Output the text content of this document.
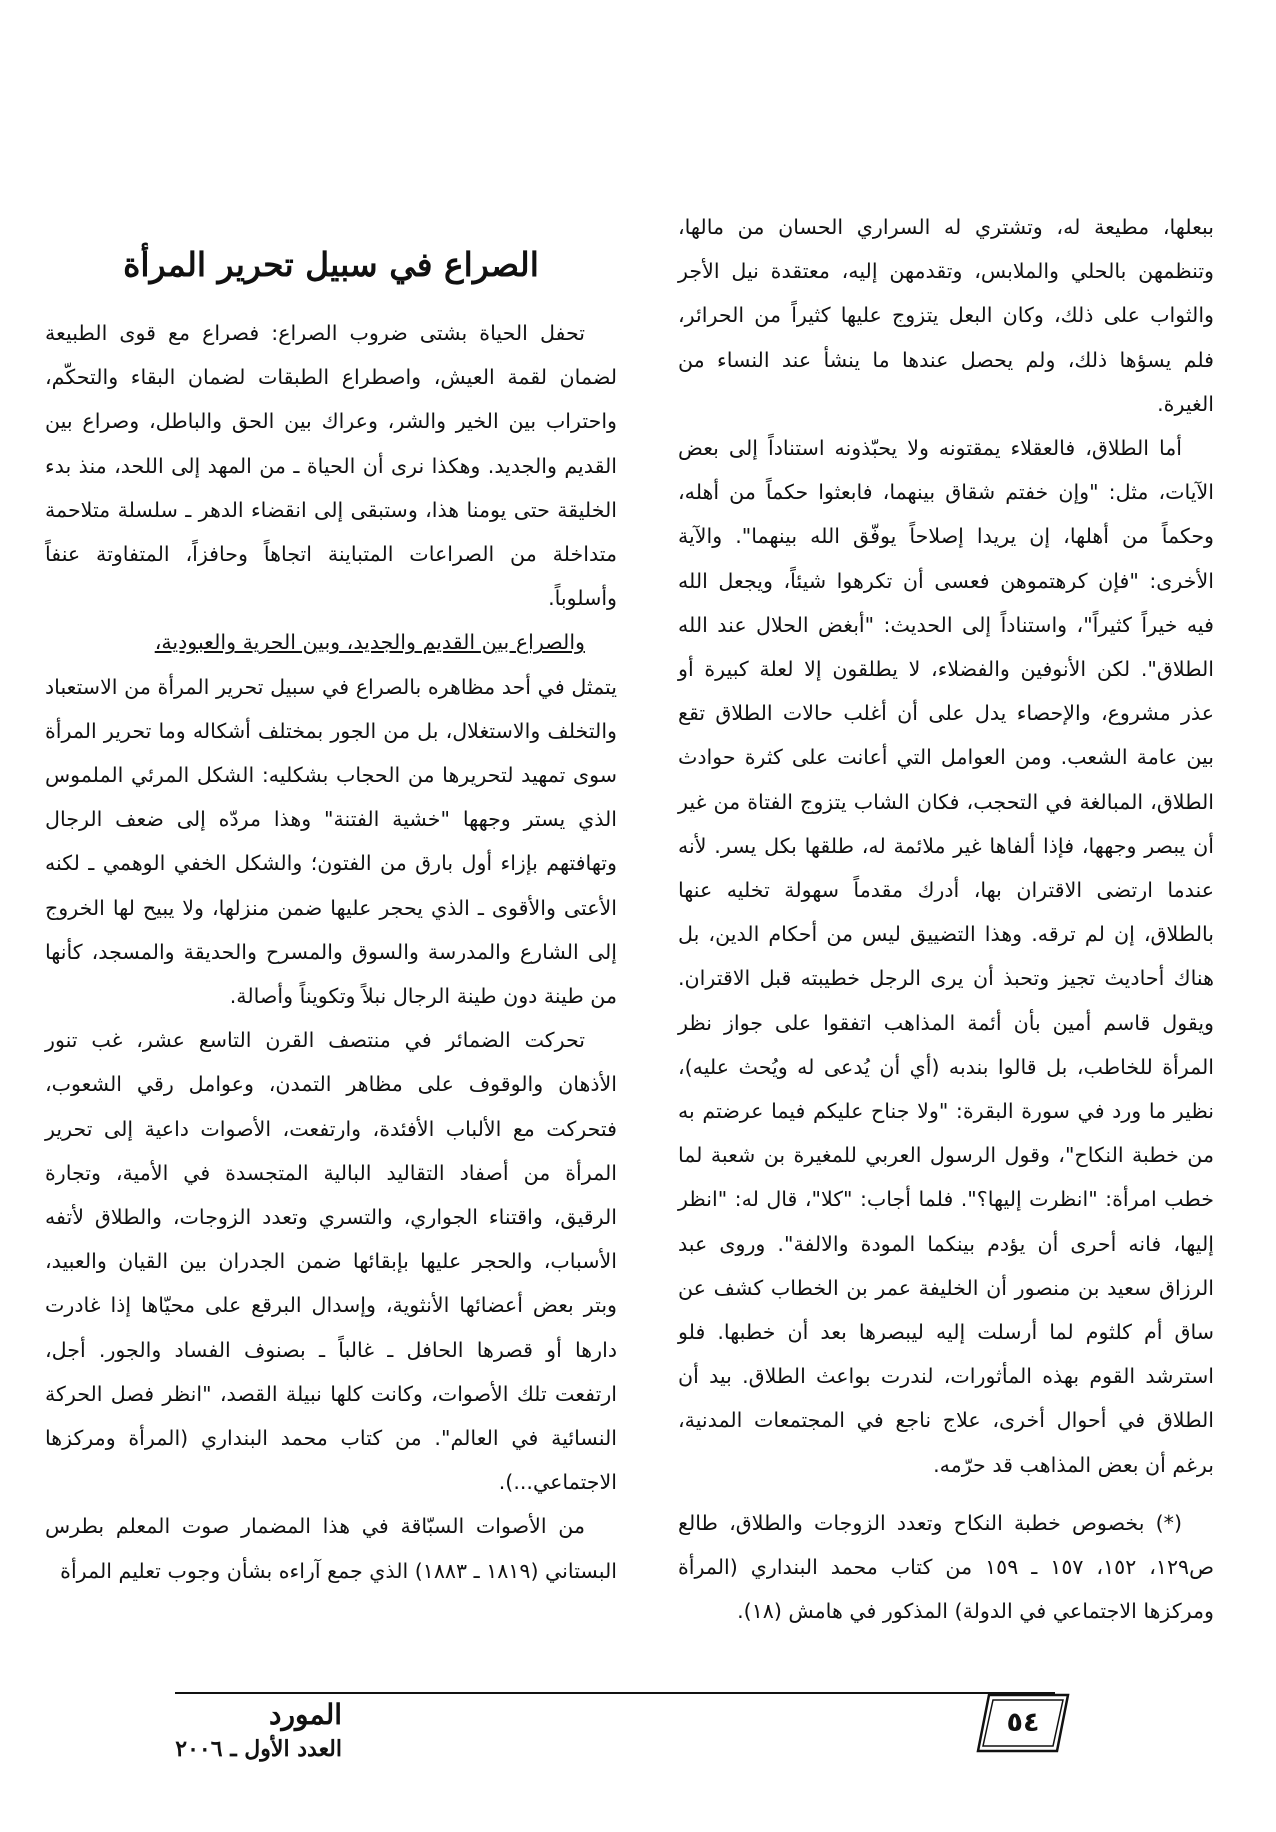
ببعلها، مطيعة له، وتشتري له السراري الحسان من مالها، وتنظمهن بالحلي والملابس، وتقدمهن إليه، معتقدة نيل الأجر والثواب على ذلك، وكان البعل يتزوج عليها كثيراً من الحرائر، فلم يسؤها ذلك، ولم يحصل عندها ما ينشأ عند النساء من الغيرة.

أما الطلاق، فالعقلاء يمقتونه ولا يحبّذونه استناداً إلى بعض الآيات، مثل: "وإن خفتم شقاق بينهما، فابعثوا حكماً من أهله، وحكماً من أهلها، إن يريدا إصلاحاً يوفّق الله بينهما". والآية الأخرى: "فإن كرهتموهن فعسى أن تكرهوا شيئاً، ويجعل الله فيه خيراً كثيراً"، واستناداً إلى الحديث: "أبغض الحلال عند الله الطلاق". لكن الأنوفين والفضلاء، لا يطلقون إلا لعلة كبيرة أو عذر مشروع، والإحصاء يدل على أن أغلب حالات الطلاق تقع بين عامة الشعب. ومن العوامل التي أعانت على كثرة حوادث الطلاق، المبالغة في التحجب، فكان الشاب يتزوج الفتاة من غير أن يبصر وجهها، فإذا ألفاها غير ملائمة له، طلقها بكل يسر. لأنه عندما ارتضى الاقتران بها، أدرك مقدماً سهولة تخليه عنها بالطلاق، إن لم ترقه. وهذا التضييق ليس من أحكام الدين، بل هناك أحاديث تجيز وتحبذ أن يرى الرجل خطيبته قبل الاقتران. ويقول قاسم أمين بأن أئمة المذاهب اتفقوا على جواز نظر المرأة للخاطب، بل قالوا بندبه (أي أن يُدعى له ويُحث عليه)، نظير ما ورد في سورة البقرة: "ولا جناح عليكم فيما عرضتم به من خطبة النكاح"، وقول الرسول العربي للمغيرة بن شعبة لما خطب امرأة: "انظرت إليها؟". فلما أجاب: "كلا"، قال له: "انظر إليها، فانه أحرى أن يؤدم بينكما المودة والالفة". وروى عبد الرزاق سعيد بن منصور أن الخليفة عمر بن الخطاب كشف عن ساق أم كلثوم لما أرسلت إليه ليبصرها بعد أن خطبها. فلو استرشد القوم بهذه المأثورات، لندرت بواعث الطلاق. بيد أن الطلاق في أحوال أخرى، علاج ناجع في المجتمعات المدنية، برغم أن بعض المذاهب قد حرّمه.

(*) بخصوص خطبة النكاح وتعدد الزوجات والطلاق، طالع ص١٢٩، ١٥٢، ١٥٧ ـ ١٥٩ من كتاب محمد البنداري (المرأة ومركزها الاجتماعي في الدولة) المذكور في هامش (١٨).

الصراع في سبيل تحرير المرأة

تحفل الحياة بشتى ضروب الصراع: فصراع مع قوى الطبيعة لضمان لقمة العيش، واصطراع الطبقات لضمان البقاء والتحكّم، واحتراب بين الخير والشر، وعراك بين الحق والباطل، وصراع بين القديم والجديد. وهكذا نرى أن الحياة ـ من المهد إلى اللحد، منذ بدء الخليقة حتى يومنا هذا، وستبقى إلى انقضاء الدهر ـ سلسلة متلاحمة متداخلة من الصراعات المتباينة اتجاهاً وحافزاً، المتفاوتة عنفاً وأسلوباً.

والصراع بين القديم والجديد، وبين الحرية والعبودية،

يتمثل في أحد مظاهره بالصراع في سبيل تحرير المرأة من الاستعباد والتخلف والاستغلال، بل من الجور بمختلف أشكاله وما تحرير المرأة سوى تمهيد لتحريرها من الحجاب بشكليه: الشكل المرئي الملموس الذي يستر وجهها "خشية الفتنة" وهذا مردّه إلى ضعف الرجال وتهافتهم بإزاء أول بارق من الفتون؛ والشكل الخفي الوهمي ـ لكنه الأعتى والأقوى ـ الذي يحجر عليها ضمن منزلها، ولا يبيح لها الخروج إلى الشارع والمدرسة والسوق والمسرح والحديقة والمسجد، كأنها من طينة دون طينة الرجال نبلاً وتكويناً وأصالة.

تحركت الضمائر في منتصف القرن التاسع عشر، غب تنور الأذهان والوقوف على مظاهر التمدن، وعوامل رقي الشعوب، فتحركت مع الألباب الأفئدة، وارتفعت، الأصوات داعية إلى تحرير المرأة من أصفاد التقاليد البالية المتجسدة في الأمية، وتجارة الرقيق، واقتناء الجواري، والتسري وتعدد الزوجات، والطلاق لأتفه الأسباب، والحجر عليها بإبقائها ضمن الجدران بين القيان والعبيد، وبتر بعض أعضائها الأنثوية، وإسدال البرقع على محيّاها إذا غادرت دارها أو قصرها الحافل ـ غالباً ـ بصنوف الفساد والجور. أجل، ارتفعت تلك الأصوات، وكانت كلها نبيلة القصد، "انظر فصل الحركة النسائية في العالم". من كتاب محمد البنداري (المرأة ومركزها الاجتماعي...).

من الأصوات السبّاقة في هذا المضمار صوت المعلم بطرس البستاني (١٨١٩ ـ ١٨٨٣) الذي جمع آراءه بشأن وجوب تعليم المرأة

٥٤
المورد
العدد الأول ـ ٢٠٠٦
